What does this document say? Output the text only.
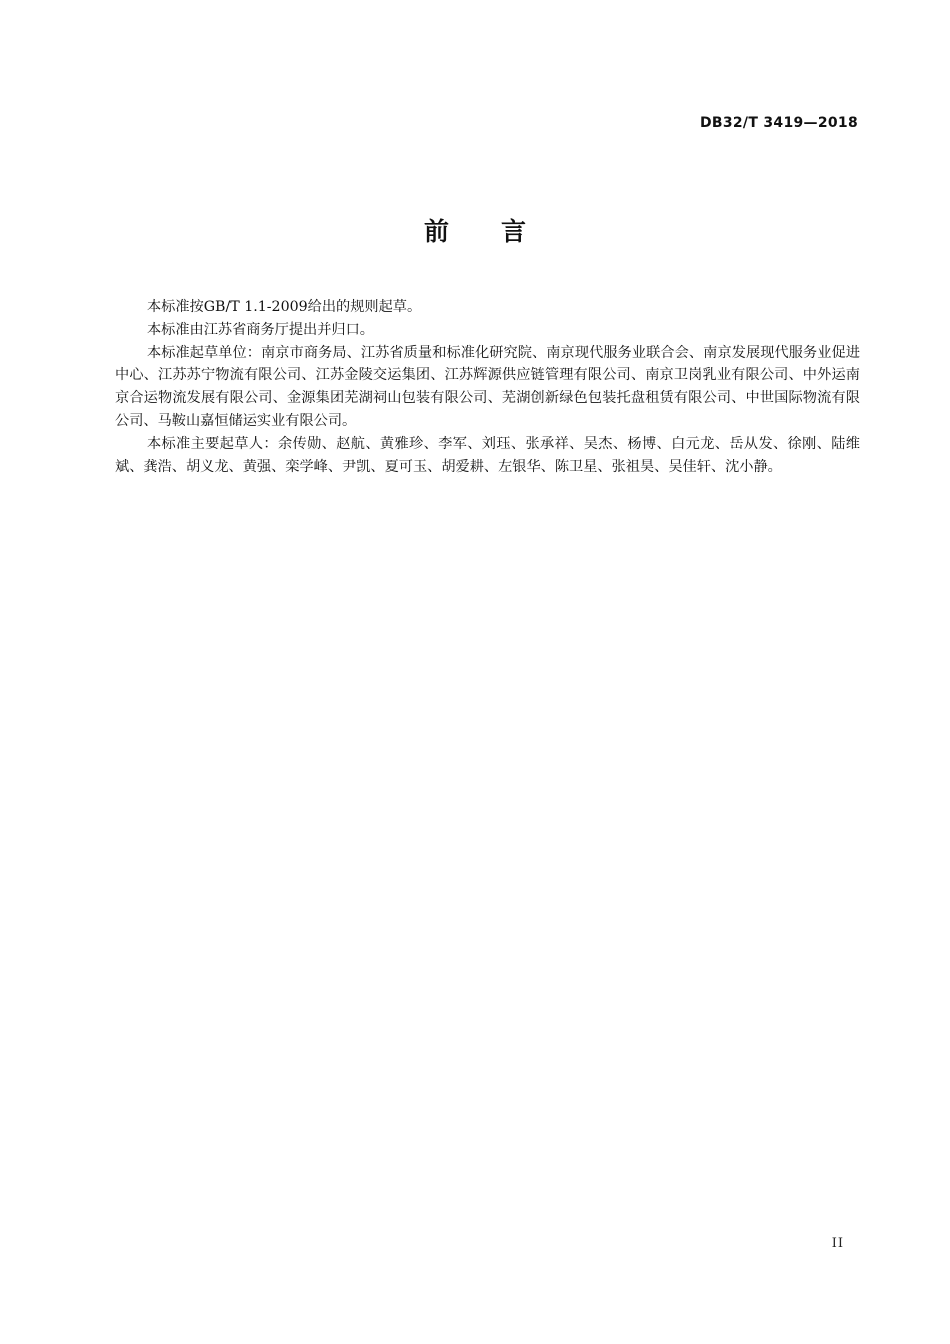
DB32/T 3419—2018
前言

本标准按GB/T 1.1-2009给出的规则起草。

本标准由江苏省商务厅提出并归口。

本标准起草单位：南京市商务局、江苏省质量和标准化研究院、南京现代服务业联合会、南京发展现代服务业促进中心、江苏苏宁物流有限公司、江苏金陵交运集团、江苏辉源供应链管理有限公司、南京卫岗乳业有限公司、中外运南京合运物流发展有限公司、金源集团芜湖祠山包装有限公司、芜湖创新绿色包装托盘租赁有限公司、中世国际物流有限公司、马鞍山嘉恒储运实业有限公司。

本标准主要起草人：余传勋、赵航、黄雅珍、李军、刘珏、张承祥、吴杰、杨博、白元龙、岳从发、徐刚、陆维斌、龚浩、胡义龙、黄强、栾学峰、尹凯、夏可玉、胡爱耕、左银华、陈卫星、张祖昊、吴佳轩、沈小静。

II
